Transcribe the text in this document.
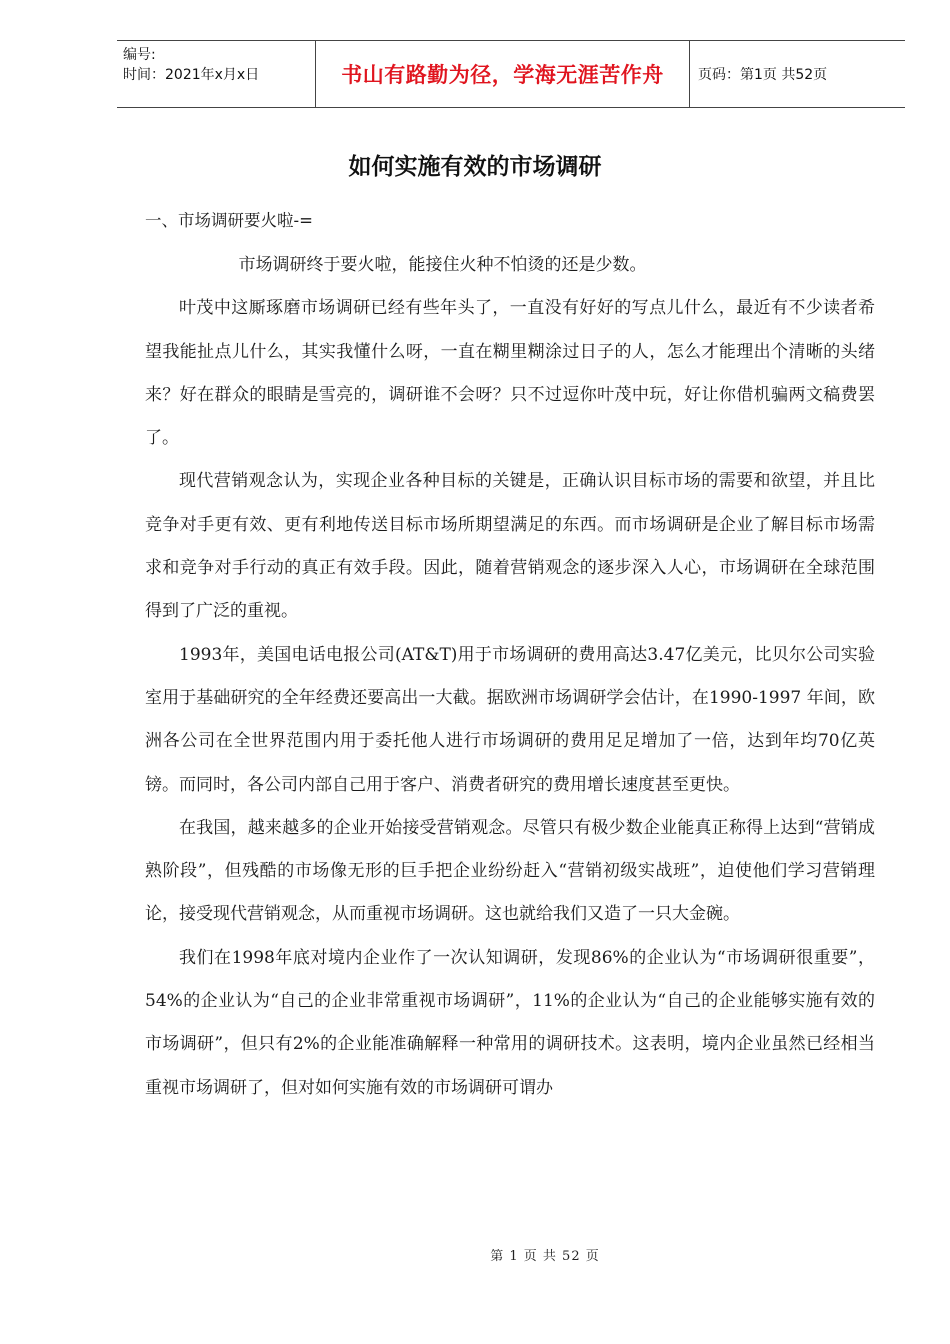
编号:
时间：2021年x月x日	书山有路勤为径，学海无涯苦作舟	页码：第1页 共52页
如何实施有效的市场调研
一、市场调研要火啦-=

市场调研终于要火啦，能接住火种不怕烫的还是少数。

叶茂中这厮琢磨市场调研已经有些年头了，一直没有好好的写点儿什么，最近有不少读者希望我能扯点儿什么，其实我懂什么呀，一直在糊里糊涂过日子的人，怎么才能理出个清晰的头绪来？好在群众的眼睛是雪亮的，调研谁不会呀？只不过逗你叶茂中玩，好让你借机骗两文稿费罢了。

现代营销观念认为，实现企业各种目标的关键是，正确认识目标市场的需要和欲望，并且比竞争对手更有效、更有利地传送目标市场所期望满足的东西。而市场调研是企业了解目标市场需求和竞争对手行动的真正有效手段。因此，随着营销观念的逐步深入人心，市场调研在全球范围得到了广泛的重视。

1993年，美国电话电报公司(AT&T)用于市场调研的费用高达3.47亿美元，比贝尔公司实验室用于基础研究的全年经费还要高出一大截。据欧洲市场调研学会估计，在1990-1997 年间，欧洲各公司在全世界范围内用于委托他人进行市场调研的费用足足增加了一倍，达到年均70亿英镑。而同时，各公司内部自己用于客户、消费者研究的费用增长速度甚至更快。

在我国，越来越多的企业开始接受营销观念。尽管只有极少数企业能真正称得上达到“营销成熟阶段”，但残酷的市场像无形的巨手把企业纷纷赶入“营销初级实战班”，迫使他们学习营销理论，接受现代营销观念，从而重视市场调研。这也就给我们又造了一只大金碗。

我们在1998年底对境内企业作了一次认知调研，发现86%的企业认为“市场调研很重要”，54%的企业认为“自己的企业非常重视市场调研”，11%的企业认为“自己的企业能够实施有效的市场调研”，但只有2%的企业能准确解释一种常用的调研技术。这表明，境内企业虽然已经相当重视市场调研了，但对如何实施有效的市场调研可谓办

第 1 页 共 52 页
